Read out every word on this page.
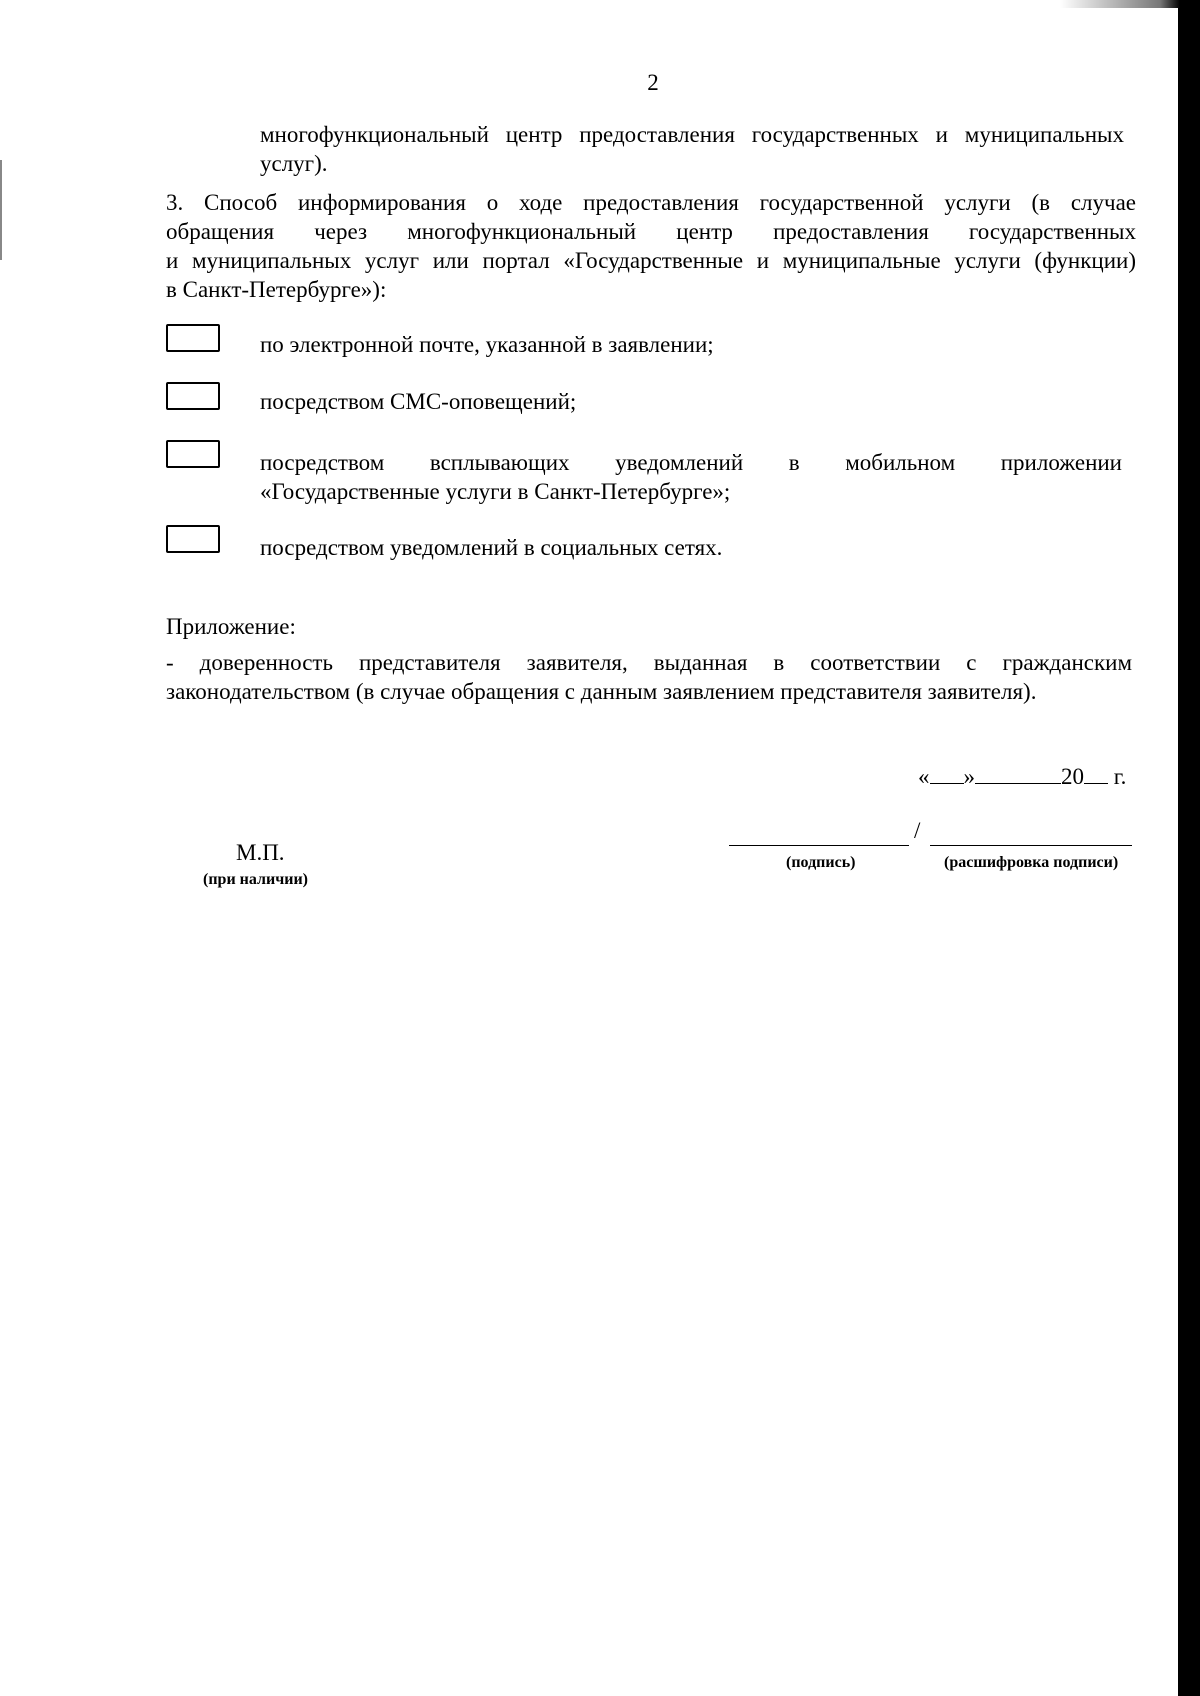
2
многофункциональный центр предоставления государственных и муниципальных
услуг).
3. Способ информирования о ходе предоставления государственной услуги (в случае
обращения через многофункциональный центр предоставления государственных
и муниципальных услуг или портал «Государственные и муниципальные услуги (функции)
в Санкт-Петербурге»):
по электронной почте, указанной в заявлении;
посредством СМС-оповещений;
посредством всплывающих уведомлений в мобильном приложении
«Государственные услуги в Санкт-Петербурге»;
посредством уведомлений в социальных сетях.
Приложение:
- доверенность представителя заявителя, выданная в соответствии с гражданским
законодательством (в случае обращения с данным заявлением представителя заявителя).
« »	20 г.
/
(подпись)	(расшифровка подписи)
М.П.
(при наличии)
